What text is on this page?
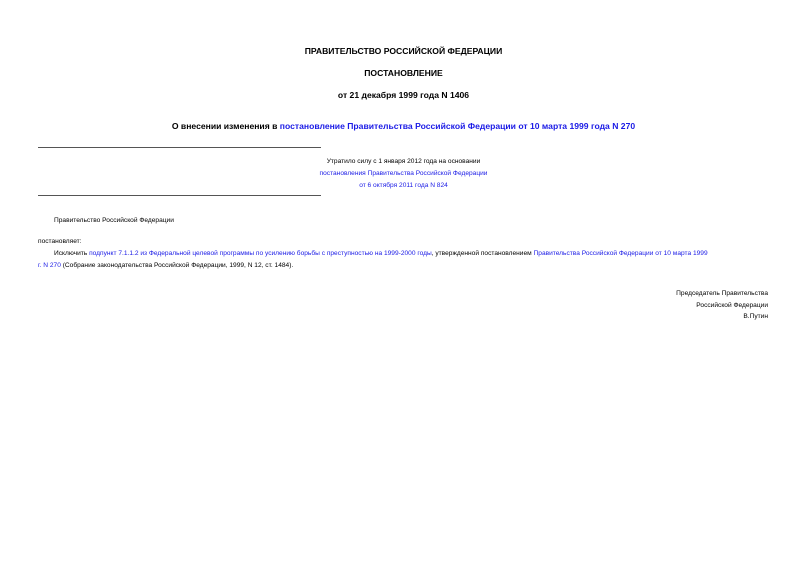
ПРАВИТЕЛЬСТВО РОССИЙСКОЙ ФЕДЕРАЦИИ
ПОСТАНОВЛЕНИЕ
от 21 декабря 1999 года N 1406
О внесении изменения в постановление Правительства Российской Федерации от 10 марта 1999 года N 270
Утратило силу с 1 января 2012 года на основании
постановления Правительства Российской Федерации
от 6 октября 2011 года N 824
Правительство Российской Федерации
постановляет:
Исключить подпункт 7.1.1.2 из Федеральной целевой программы по усилению борьбы с преступностью на 1999-2000 годы, утвержденной постановлением Правительства Российской Федерации от 10 марта 1999
г. N 270 (Собрание законодательства Российской Федерации, 1999, N 12, ст. 1484).
Председатель Правительства
Российской Федерации
В.Путин
